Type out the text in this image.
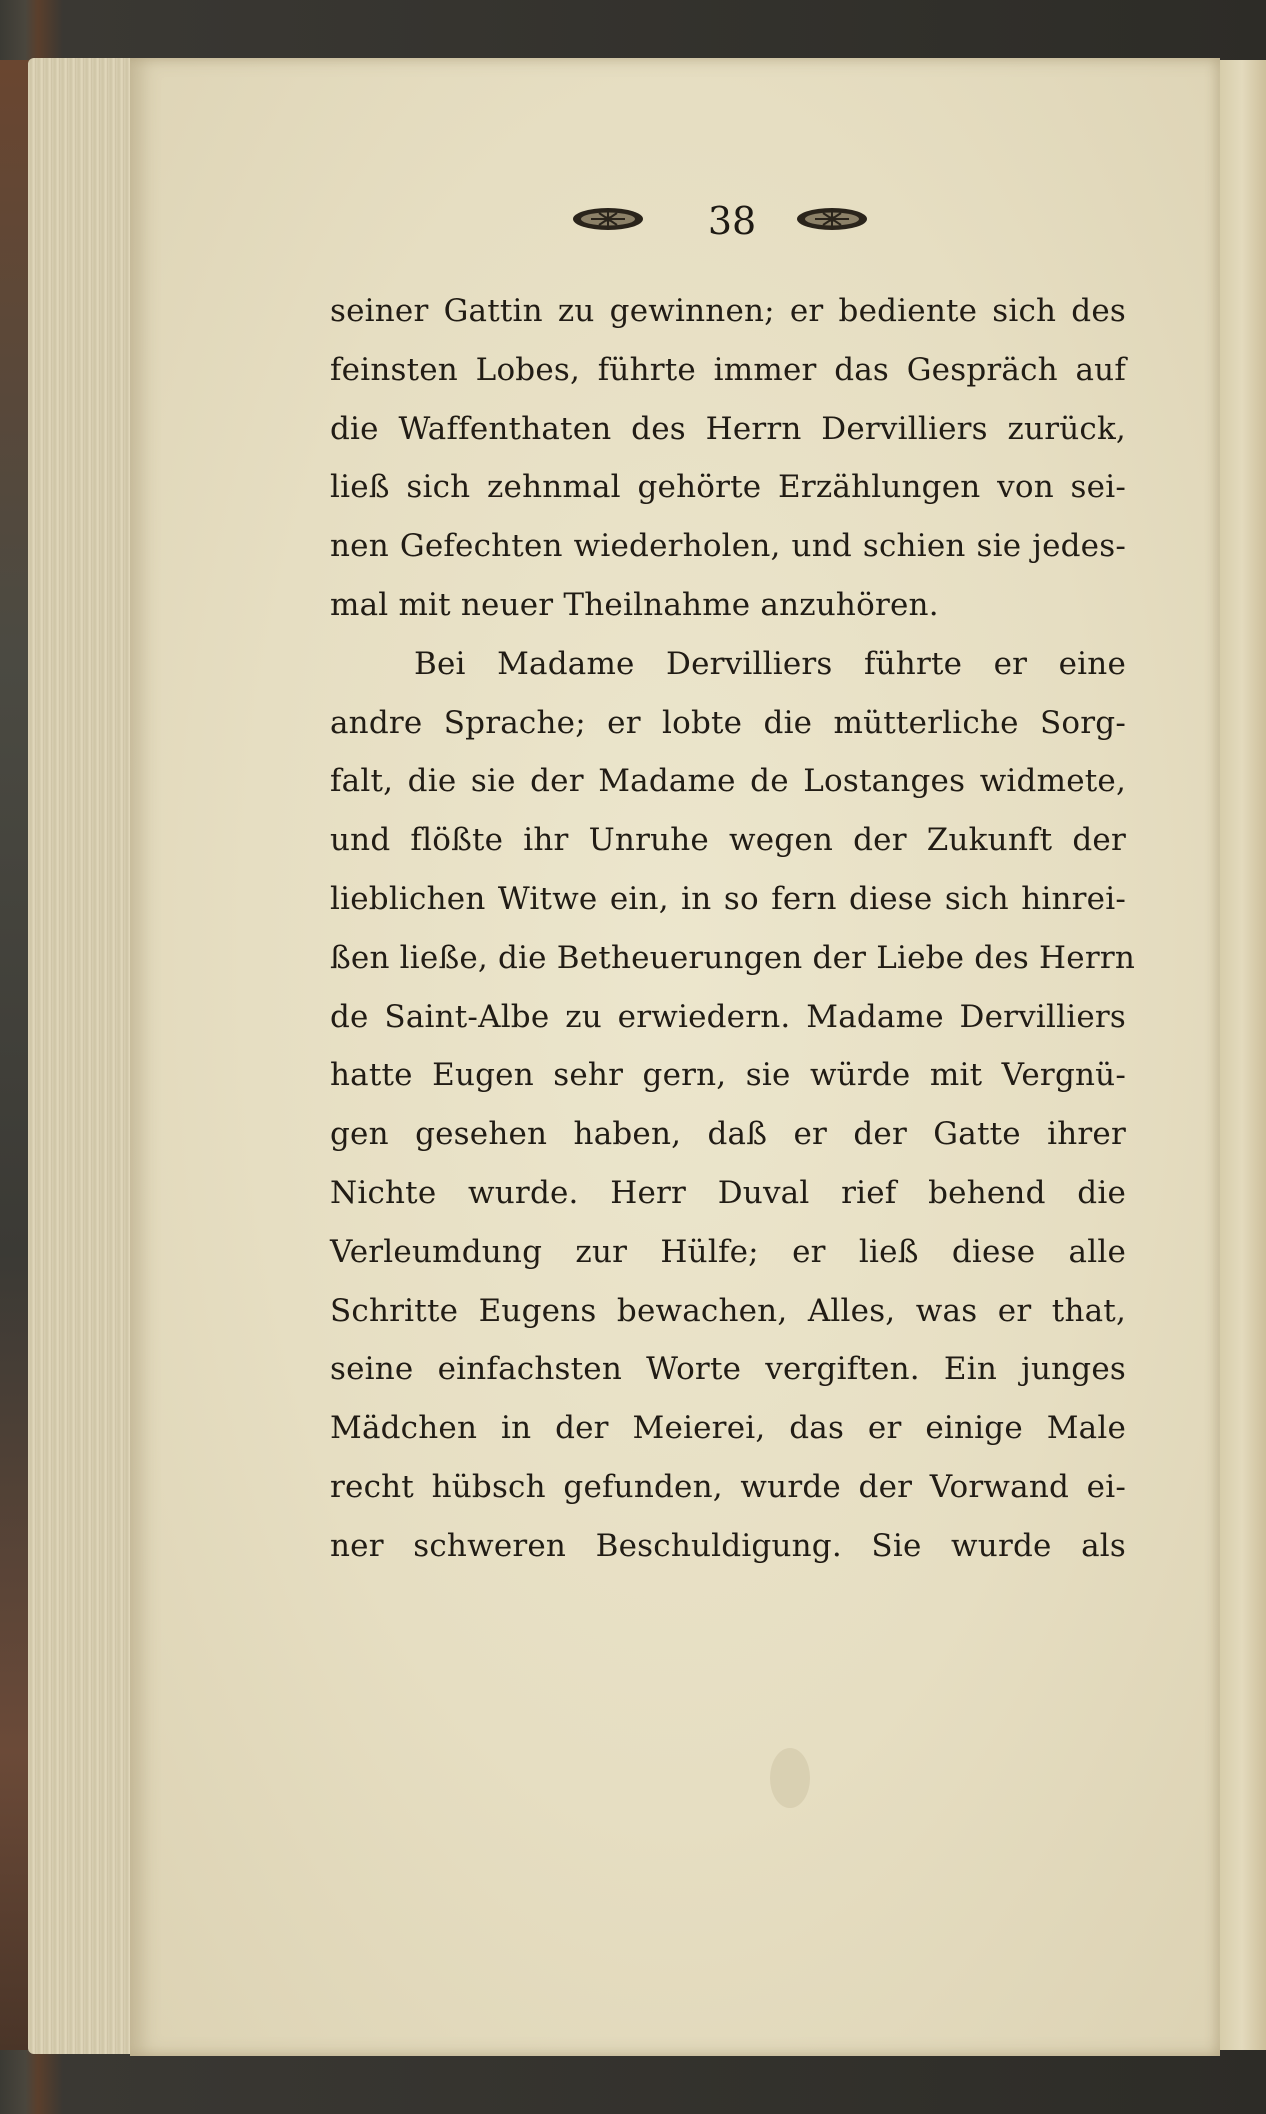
38
seiner Gattin zu gewinnen; er bediente sich des
feinsten Lobes, führte immer das Gespräch auf
die Waffenthaten des Herrn Dervilliers zurück,
ließ sich zehnmal gehörte Erzählungen von sei-
nen Gefechten wiederholen, und schien sie jedes-
mal mit neuer Theilnahme anzuhören.
Bei Madame Dervilliers führte er eine
andre Sprache; er lobte die mütterliche Sorg-
falt, die sie der Madame de Lostanges widmete,
und flößte ihr Unruhe wegen der Zukunft der
lieblichen Witwe ein, in so fern diese sich hinrei-
ßen ließe, die Betheuerungen der Liebe des Herrn
de Saint-Albe zu erwiedern. Madame Dervilliers
hatte Eugen sehr gern, sie würde mit Vergnü-
gen gesehen haben, daß er der Gatte ihrer
Nichte wurde. Herr Duval rief behend die
Verleumdung zur Hülfe; er ließ diese alle
Schritte Eugens bewachen, Alles, was er that,
seine einfachsten Worte vergiften. Ein junges
Mädchen in der Meierei, das er einige Male
recht hübsch gefunden, wurde der Vorwand ei-
ner schweren Beschuldigung. Sie wurde als
